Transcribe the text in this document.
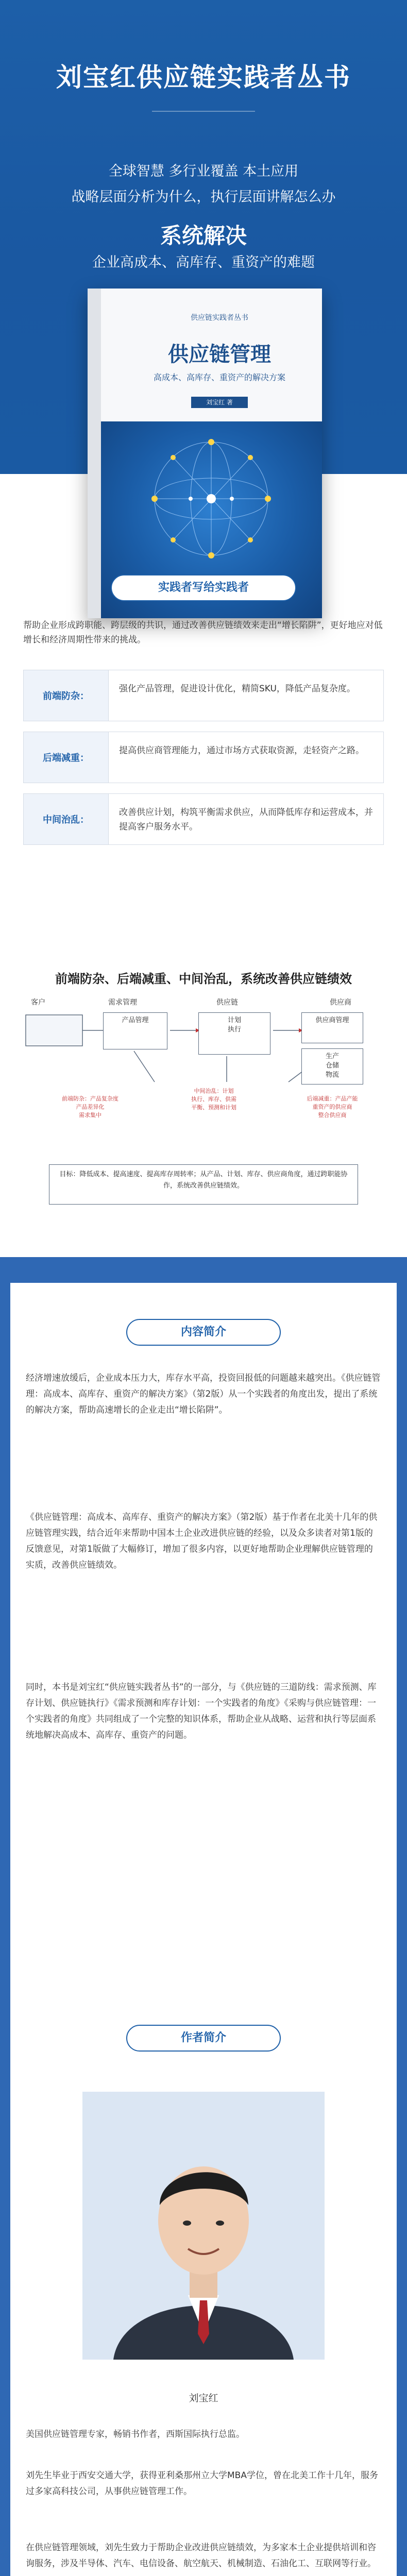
刘宝红供应链实践者丛书
全球智慧 多行业覆盖 本土应用
战略层面分析为什么，执行层面讲解怎么办
系统解决
企业高成本、高库存、重资产的难题
供应链实践者丛书
供应链管理
高成本、高库存、重资产的解决方案
刘宝红 著
实践者写给实践者
帮助企业形成跨职能、跨层级的共识，通过改善供应链绩效来走出“增长陷阱”，更好地应对低增长和经济周期性带来的挑战。
前端防杂：
强化产品管理，促进设计优化，精简SKU，降低产品复杂度。
后端减重：
提高供应商管理能力，通过市场方式获取资源，走轻资产之路。
中间治乱：
改善供应计划，构筑平衡需求供应，从而降低库存和运营成本，并提高客户服务水平。
前端防杂、后端减重、中间治乱，系统改善供应链绩效
客户	需求管理	供应链	供应商
产品管理	计划
执行
供应商管理
生产
仓储
物流
前端防杂：产品复杂度
产品差异化
需求集中
中间治乱：计划
执行、库存、供需
平衡、预测和计划
后端减重：产品产能
重资产的供应商
整合供应商
目标：降低成本、提高速度、提高库存周转率；从产品、计划、库存、供应商角度，通过跨职能协作，系统改善供应链绩效。
内容简介
经济增速放缓后，企业成本压力大，库存水平高，投资回报低的问题越来越突出。《供应链管理：高成本、高库存、重资产的解决方案》（第2版）从一个实践者的角度出发，提出了系统的解决方案，帮助高速增长的企业走出“增长陷阱”。
《供应链管理：高成本、高库存、重资产的解决方案》（第2版）基于作者在北美十几年的供应链管理实践，结合近年来帮助中国本土企业改进供应链的经验，以及众多读者对第1版的反馈意见，对第1版做了大幅修订，增加了很多内容，以更好地帮助企业理解供应链管理的实质，改善供应链绩效。
同时，本书是刘宝红“供应链实践者丛书”的一部分，与《供应链的三道防线：需求预测、库存计划、供应链执行》《需求预测和库存计划：一个实践者的角度》《采购与供应链管理：一个实践者的角度》共同组成了一个完整的知识体系，帮助企业从战略、运营和执行等层面系统地解决高成本、高库存、重资产的问题。
作者简介
刘宝红
美国供应链管理专家，畅销书作者，西斯国际执行总监。
刘先生毕业于西安交通大学，获得亚利桑那州立大学MBA学位，曾在北美工作十几年，服务过多家高科技公司，从事供应链管理工作。
在供应链管理领域，刘先生致力于帮助企业改进供应链绩效，为多家本土企业提供培训和咨询服务，涉及半导体、汽车、电信设备、航空航天、机械制造、石油化工、互联网等行业。
